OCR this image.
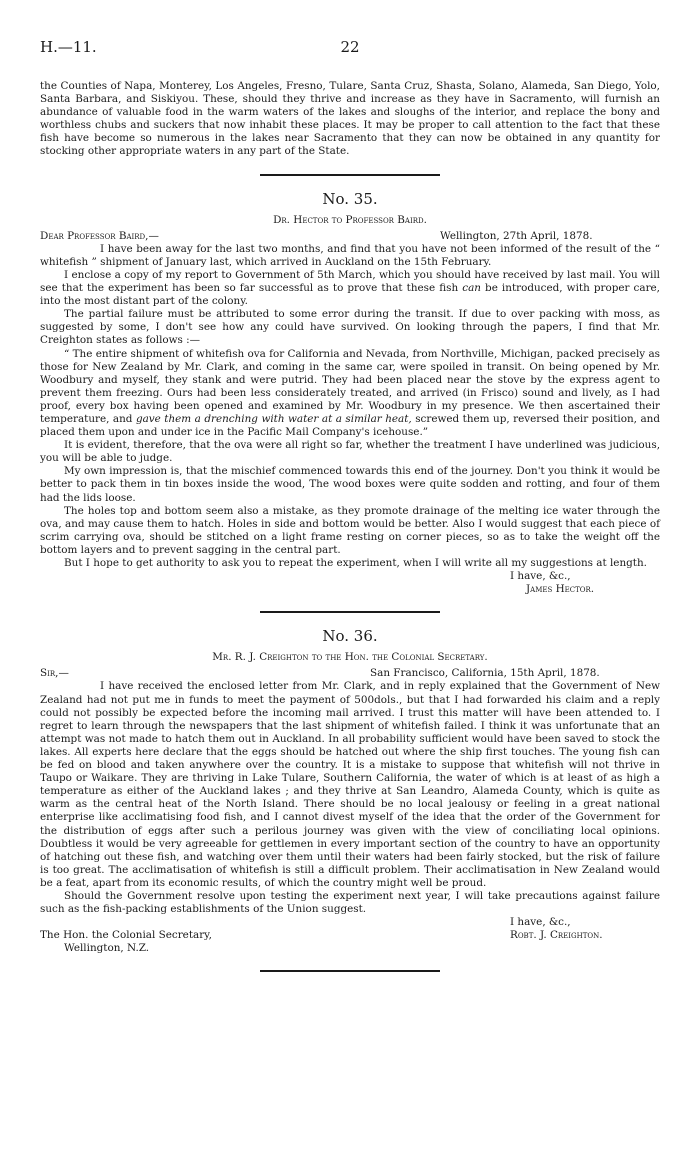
H.—11.	22

the Counties of Napa, Monterey, Los Angeles, Fresno, Tulare, Santa Cruz, Shasta, Solano, Alameda, San Diego, Yolo, Santa Barbara, and Siskiyou. These, should they thrive and increase as they have in Sacramento, will furnish an abundance of valuable food in the warm waters of the lakes and sloughs of the interior, and replace the bony and worthless chubs and suckers that now inhabit these places. It may be proper to call attention to the fact that these fish have become so numerous in the lakes near Sacramento that they can now be obtained in any quantity for stocking other appropriate waters in any part of the State.

No. 35.
Dr. Hector to Professor Baird.
Dear Professor Baird,—	Wellington, 27th April, 1878.

I have been away for the last two months, and find that you have not been informed of the result of the “ whitefish ” shipment of January last, which arrived in Auckland on the 15th February.

I enclose a copy of my report to Government of 5th March, which you should have received by last mail. You will see that the experiment has been so far successful as to prove that these fish can be introduced, with proper care, into the most distant part of the colony.

The partial failure must be attributed to some error during the transit. If due to over packing with moss, as suggested by some, I don't see how any could have survived. On looking through the papers, I find that Mr. Creighton states as follows :—

“ The entire shipment of whitefish ova for California and Nevada, from Northville, Michigan, packed precisely as those for New Zealand by Mr. Clark, and coming in the same car, were spoiled in transit. On being opened by Mr. Woodbury and myself, they stank and were putrid. They had been placed near the stove by the express agent to prevent them freezing. Ours had been less considerately treated, and arrived (in Frisco) sound and lively, as I had proof, every box having been opened and examined by Mr. Woodbury in my presence. We then ascertained their temperature, and gave them a drenching with water at a similar heat, screwed them up, reversed their position, and placed them upon and under ice in the Pacific Mail Company's icehouse.”

It is evident, therefore, that the ova were all right so far, whether the treatment I have underlined was judicious, you will be able to judge.

My own impression is, that the mischief commenced towards this end of the journey. Don't you think it would be better to pack them in tin boxes inside the wood, The wood boxes were quite sodden and rotting, and four of them had the lids loose.

The holes top and bottom seem also a mistake, as they promote drainage of the melting ice water through the ova, and may cause them to hatch. Holes in side and bottom would be better. Also I would suggest that each piece of scrim carrying ova, should be stitched on a light frame resting on corner pieces, so as to take the weight off the bottom layers and to prevent sagging in the central part.

But I hope to get authority to ask you to repeat the experiment, when I will write all my suggestions at length.

I have, &c.,
James Hector.
No. 36.
Mr. R. J. Creighton to the Hon. the Colonial Secretary.
Sir,—	San Francisco, California, 15th April, 1878.

I have received the enclosed letter from Mr. Clark, and in reply explained that the Government of New Zealand had not put me in funds to meet the payment of 500dols., but that I had forwarded his claim and a reply could not possibly be expected before the incoming mail arrived. I trust this matter will have been attended to. I regret to learn through the newspapers that the last shipment of whitefish failed. I think it was unfortunate that an attempt was not made to hatch them out in Auckland. In all probability sufficient would have been saved to stock the lakes. All experts here declare that the eggs should be hatched out where the ship first touches. The young fish can be fed on blood and taken anywhere over the country. It is a mistake to suppose that whitefish will not thrive in Taupo or Waikare. They are thriving in Lake Tulare, Southern California, the water of which is at least of as high a temperature as either of the Auckland lakes ; and they thrive at San Leandro, Alameda County, which is quite as warm as the central heat of the North Island. There should be no local jealousy or feeling in a great national enterprise like acclimatising food fish, and I cannot divest myself of the idea that the order of the Government for the distribution of eggs after such a perilous journey was given with the view of conciliating local opinions. Doubtless it would be very agreeable for gettlemen in every important section of the country to have an opportunity of hatching out these fish, and watching over them until their waters had been fairly stocked, but the risk of failure is too great. The acclimatisation of whitefish is still a difficult problem. Their acclimatisation in New Zealand would be a feat, apart from its economic results, of which the country might well be proud.

Should the Government resolve upon testing the experiment next year, I will take precautions against failure such as the fish-packing establishments of the Union suggest.

I have, &c.,
The Hon. the Colonial Secretary,	Robt. J. Creighton.
Wellington, N.Z.
